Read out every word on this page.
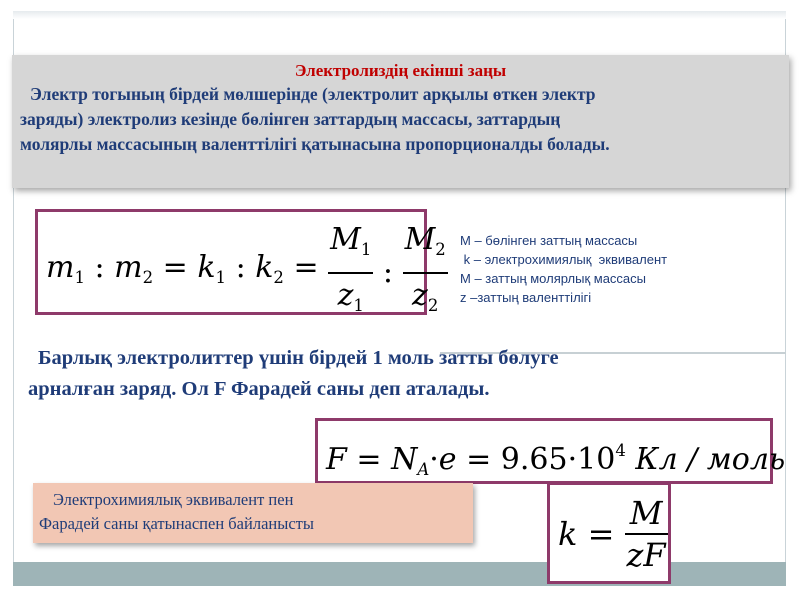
Электролиздің екінші заңы
Электр тогының бірдей мөлшерінде (электролит арқылы өткен электр
заряды) электролиз кезінде бөлінген заттардың массасы, заттардың
молярлы массасының валенттілігі қатынасына пропорционалды болады.
$m_1$ : $m_2 = k_1$ : $k_2 = \frac{M_1}{z_1}$ : $\frac{M_2}{z_2}$ M – бөлінген заттың массасы
k – электрохимиялық  эквивалент
M – заттың молярлық массасы
z –заттың валенттілігі
Барлық электролиттер үшін бірдей 1 моль затты бөлуге
арналған заряд. Ол F Фарадей саны деп аталады.
$F = N_A\cdot e = 9.65\cdot 10^4$ Кл / моль
Электрохимиялық эквивалент пен
Фарадей саны қатынаспен байланысты	$k = \frac{M}{zF}$
